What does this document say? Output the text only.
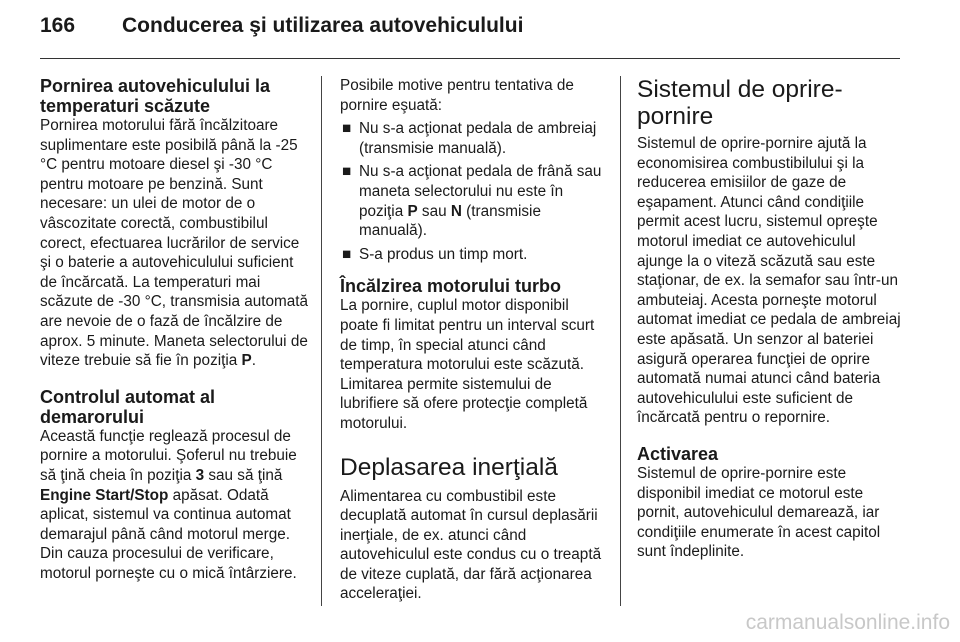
166 Conducerea şi utilizarea autovehiculului
Pornirea autovehiculului la temperaturi scăzute

Pornirea motorului fără încălzitoare suplimentare este posibilă până la -25 °C pentru motoare diesel şi -30 °C pentru motoare pe benzină. Sunt necesare: un ulei de motor de o vâscozitate corectă, combustibilul corect, efectuarea lucrărilor de service şi o baterie a autovehiculului suficient de încărcată. La temperaturi mai scăzute de -30 °C, transmisia automată are nevoie de o fază de încălzire de aprox. 5 minute. Maneta selectorului de viteze trebuie să fie în poziţia P.

Controlul automat al demarorului

Această funcţie reglează procesul de pornire a motorului. Şoferul nu trebuie să ţină cheia în poziţia 3 sau să ţină Engine Start/Stop apăsat. Odată aplicat, sistemul va continua automat demarajul până când motorul merge. Din cauza procesului de verificare, motorul porneşte cu o mică întârziere.

Posibile motive pentru tentativa de pornire eşuată:

■ Nu s-a acţionat pedala de ambreiaj (transmisie manuală).
■ Nu s-a acţionat pedala de frână sau maneta selectorului nu este în poziţia P sau N (transmisie manuală).
■ S-a produs un timp mort.
Încălzirea motorului turbo

La pornire, cuplul motor disponibil poate fi limitat pentru un interval scurt de timp, în special atunci când temperatura motorului este scăzută. Limitarea permite sistemului de lubrifiere să ofere protecţie completă motorului.

Deplasarea inerţială

Alimentarea cu combustibil este decuplată automat în cursul deplasării inerţiale, de ex. atunci când autovehiculul este condus cu o treaptă de viteze cuplată, dar fără acţionarea acceleraţiei.

Sistemul de oprire-pornire

Sistemul de oprire-pornire ajută la economisirea combustibilului şi la reducerea emisiilor de gaze de eşapament. Atunci când condiţiile permit acest lucru, sistemul opreşte motorul imediat ce autovehiculul ajunge la o viteză scăzută sau este staţionar, de ex. la semafor sau într-un ambuteiaj. Acesta porneşte motorul automat imediat ce pedala de ambreiaj este apăsată. Un senzor al bateriei asigură operarea funcţiei de oprire automată numai atunci când bateria autovehiculului este suficient de încărcată pentru o repornire.

Activarea

Sistemul de oprire-pornire este disponibil imediat ce motorul este pornit, autovehiculul demarează, iar condiţiile enumerate în acest capitol sunt îndeplinite.

carmanualsonline.info
